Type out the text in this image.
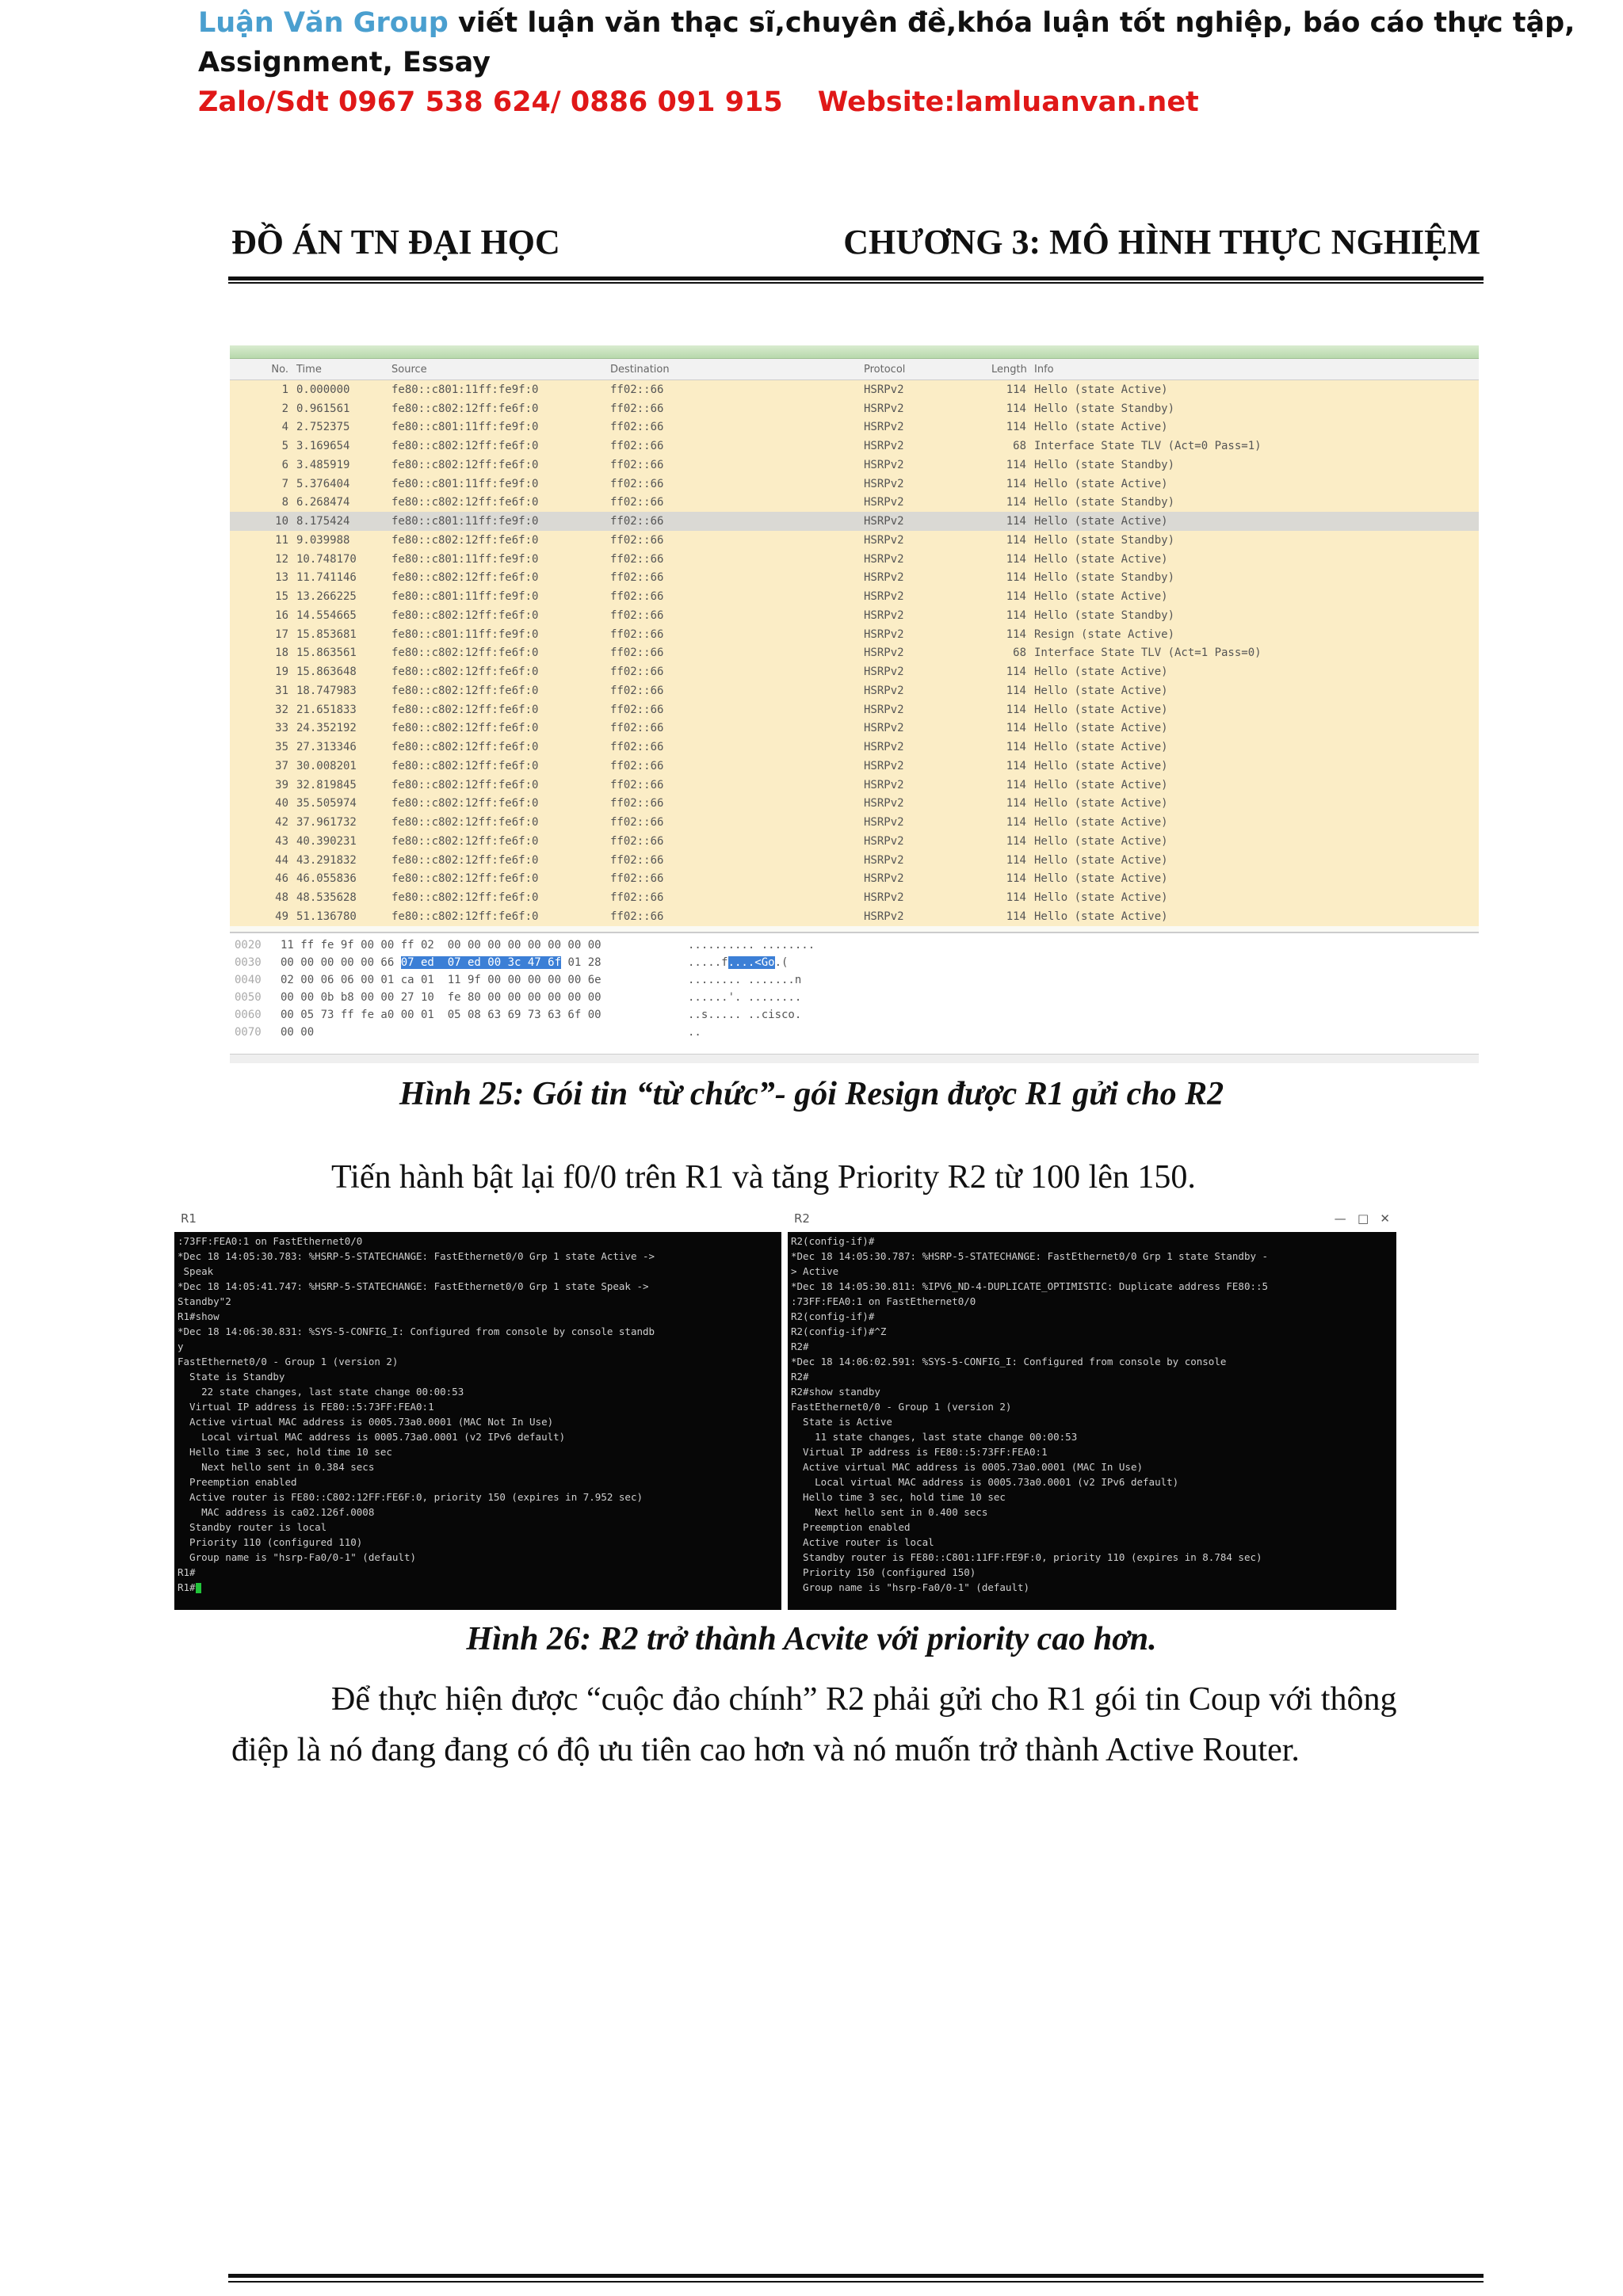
Luận Văn Group viết luận văn thạc sĩ,chuyên đề,khóa luận tốt nghiệp, báo cáo thực tập,
Assignment, Essay
Zalo/Sdt 0967 538 624/ 0886 091 915 Website:lamluanvan.net
ĐỒ ÁN TN ĐẠI HỌC	CHƯƠNG 3: MÔ HÌNH THỰC NGHIỆM
No. Time	Source	Destination	Protocol	Length Info
1 0.000000	fe80::c801:11ff:fe9f:0	ff02::66	HSRPv2	114 Hello (state Active)
2 0.961561	fe80::c802:12ff:fe6f:0	ff02::66	HSRPv2	114 Hello (state Standby)
4 2.752375	fe80::c801:11ff:fe9f:0	ff02::66	HSRPv2	114 Hello (state Active)
5 3.169654	fe80::c802:12ff:fe6f:0	ff02::66	HSRPv2	68 Interface State TLV (Act=0 Pass=1)
6 3.485919	fe80::c802:12ff:fe6f:0	ff02::66	HSRPv2	114 Hello (state Standby)
7 5.376404	fe80::c801:11ff:fe9f:0	ff02::66	HSRPv2	114 Hello (state Active)
8 6.268474	fe80::c802:12ff:fe6f:0	ff02::66	HSRPv2	114 Hello (state Standby)
10 8.175424	fe80::c801:11ff:fe9f:0	ff02::66	HSRPv2	114 Hello (state Active)
11 9.039988	fe80::c802:12ff:fe6f:0	ff02::66	HSRPv2	114 Hello (state Standby)
12 10.748170	fe80::c801:11ff:fe9f:0	ff02::66	HSRPv2	114 Hello (state Active)
13 11.741146	fe80::c802:12ff:fe6f:0	ff02::66	HSRPv2	114 Hello (state Standby)
15 13.266225	fe80::c801:11ff:fe9f:0	ff02::66	HSRPv2	114 Hello (state Active)
16 14.554665	fe80::c802:12ff:fe6f:0	ff02::66	HSRPv2	114 Hello (state Standby)
17 15.853681	fe80::c801:11ff:fe9f:0	ff02::66	HSRPv2	114 Resign (state Active)
18 15.863561	fe80::c802:12ff:fe6f:0	ff02::66	HSRPv2	68 Interface State TLV (Act=1 Pass=0)
19 15.863648	fe80::c802:12ff:fe6f:0	ff02::66	HSRPv2	114 Hello (state Active)
31 18.747983	fe80::c802:12ff:fe6f:0	ff02::66	HSRPv2	114 Hello (state Active)
32 21.651833	fe80::c802:12ff:fe6f:0	ff02::66	HSRPv2	114 Hello (state Active)
33 24.352192	fe80::c802:12ff:fe6f:0	ff02::66	HSRPv2	114 Hello (state Active)
35 27.313346	fe80::c802:12ff:fe6f:0	ff02::66	HSRPv2	114 Hello (state Active)
37 30.008201	fe80::c802:12ff:fe6f:0	ff02::66	HSRPv2	114 Hello (state Active)
39 32.819845	fe80::c802:12ff:fe6f:0	ff02::66	HSRPv2	114 Hello (state Active)
40 35.505974	fe80::c802:12ff:fe6f:0	ff02::66	HSRPv2	114 Hello (state Active)
42 37.961732	fe80::c802:12ff:fe6f:0	ff02::66	HSRPv2	114 Hello (state Active)
43 40.390231	fe80::c802:12ff:fe6f:0	ff02::66	HSRPv2	114 Hello (state Active)
44 43.291832	fe80::c802:12ff:fe6f:0	ff02::66	HSRPv2	114 Hello (state Active)
46 46.055836	fe80::c802:12ff:fe6f:0	ff02::66	HSRPv2	114 Hello (state Active)
48 48.535628	fe80::c802:12ff:fe6f:0	ff02::66	HSRPv2	114 Hello (state Active)
49 51.136780	fe80::c802:12ff:fe6f:0	ff02::66	HSRPv2	114 Hello (state Active)
0020	11 ff fe 9f 00 00 ff 02  00 00 00 00 00 00 00 00	.......... ........
0030	00 00 00 00 00 66 07 ed  07 ed 00 3c 47 6f 01 28	.....f....<Go.(
0040	02 00 06 06 00 01 ca 01  11 9f 00 00 00 00 00 6e	........ .......n
0050	00 00 0b b8 00 00 27 10  fe 80 00 00 00 00 00 00	......'. ........
0060	00 05 73 ff fe a0 00 01  05 08 63 69 73 63 6f 00	..s..... ..cisco.
0070	00 00	..
Hình 25: Gói tin “từ chức”- gói Resign được R1 gửi cho R2
Tiến hành bật lại f0/0 trên R1 và tăng Priority R2 từ 100 lên 150.
R1
:73FF:FEA0:1 on FastEthernet0/0
*Dec 18 14:05:30.783: %HSRP-5-STATECHANGE: FastEthernet0/0 Grp 1 state Active ->
Speak
*Dec 18 14:05:41.747: %HSRP-5-STATECHANGE: FastEthernet0/0 Grp 1 state Speak ->
Standby"2
R1#show
*Dec 18 14:06:30.831: %SYS-5-CONFIG_I: Configured from console by console standb
y
FastEthernet0/0 - Group 1 (version 2)
State is Standby
22 state changes, last state change 00:00:53
Virtual IP address is FE80::5:73FF:FEA0:1
Active virtual MAC address is 0005.73a0.0001 (MAC Not In Use)
Local virtual MAC address is 0005.73a0.0001 (v2 IPv6 default)
Hello time 3 sec, hold time 10 sec
Next hello sent in 0.384 secs
Preemption enabled
Active router is FE80::C802:12FF:FE6F:0, priority 150 (expires in 7.952 sec)
MAC address is ca02.126f.0008
Standby router is local
Priority 110 (configured 110)
Group name is "hsrp-Fa0/0-1" (default)
R1#
R1#
R2	—   □   ✕
R2(config-if)#
*Dec 18 14:05:30.787: %HSRP-5-STATECHANGE: FastEthernet0/0 Grp 1 state Standby -
> Active
*Dec 18 14:05:30.811: %IPV6_ND-4-DUPLICATE_OPTIMISTIC: Duplicate address FE80::5
:73FF:FEA0:1 on FastEthernet0/0
R2(config-if)#
R2(config-if)#^Z
R2#
*Dec 18 14:06:02.591: %SYS-5-CONFIG_I: Configured from console by console
R2#
R2#show standby
FastEthernet0/0 - Group 1 (version 2)
State is Active
11 state changes, last state change 00:00:53
Virtual IP address is FE80::5:73FF:FEA0:1
Active virtual MAC address is 0005.73a0.0001 (MAC In Use)
Local virtual MAC address is 0005.73a0.0001 (v2 IPv6 default)
Hello time 3 sec, hold time 10 sec
Next hello sent in 0.400 secs
Preemption enabled
Active router is local
Standby router is FE80::C801:11FF:FE9F:0, priority 110 (expires in 8.784 sec)
Priority 150 (configured 150)
Group name is "hsrp-Fa0/0-1" (default)
Hình 26: R2 trở thành Acvite với priority cao hơn.
Để thực hiện được “cuộc đảo chính” R2 phải gửi cho R1 gói tin Coup với thông
điệp là nó đang đang có độ ưu tiên cao hơn và nó muốn trở thành Active Router.
